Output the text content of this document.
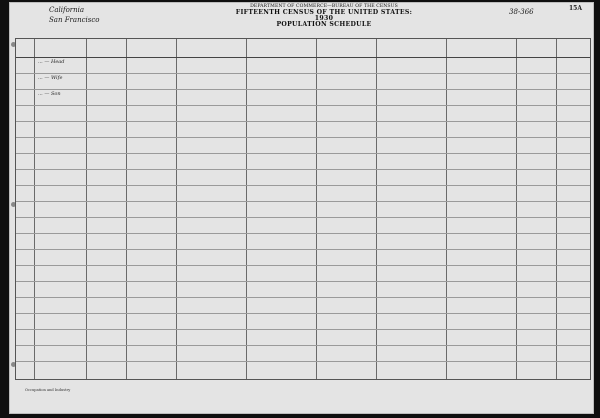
DEPARTMENT OF COMMERCE—BUREAU OF THE CENSUS
FIFTEENTH CENSUS OF THE UNITED STATES: 1930
POPULATION SCHEDULE
California
San Francisco
38-366	15A
... — Head
... — Wife
... — Son
Occupation and Industry
